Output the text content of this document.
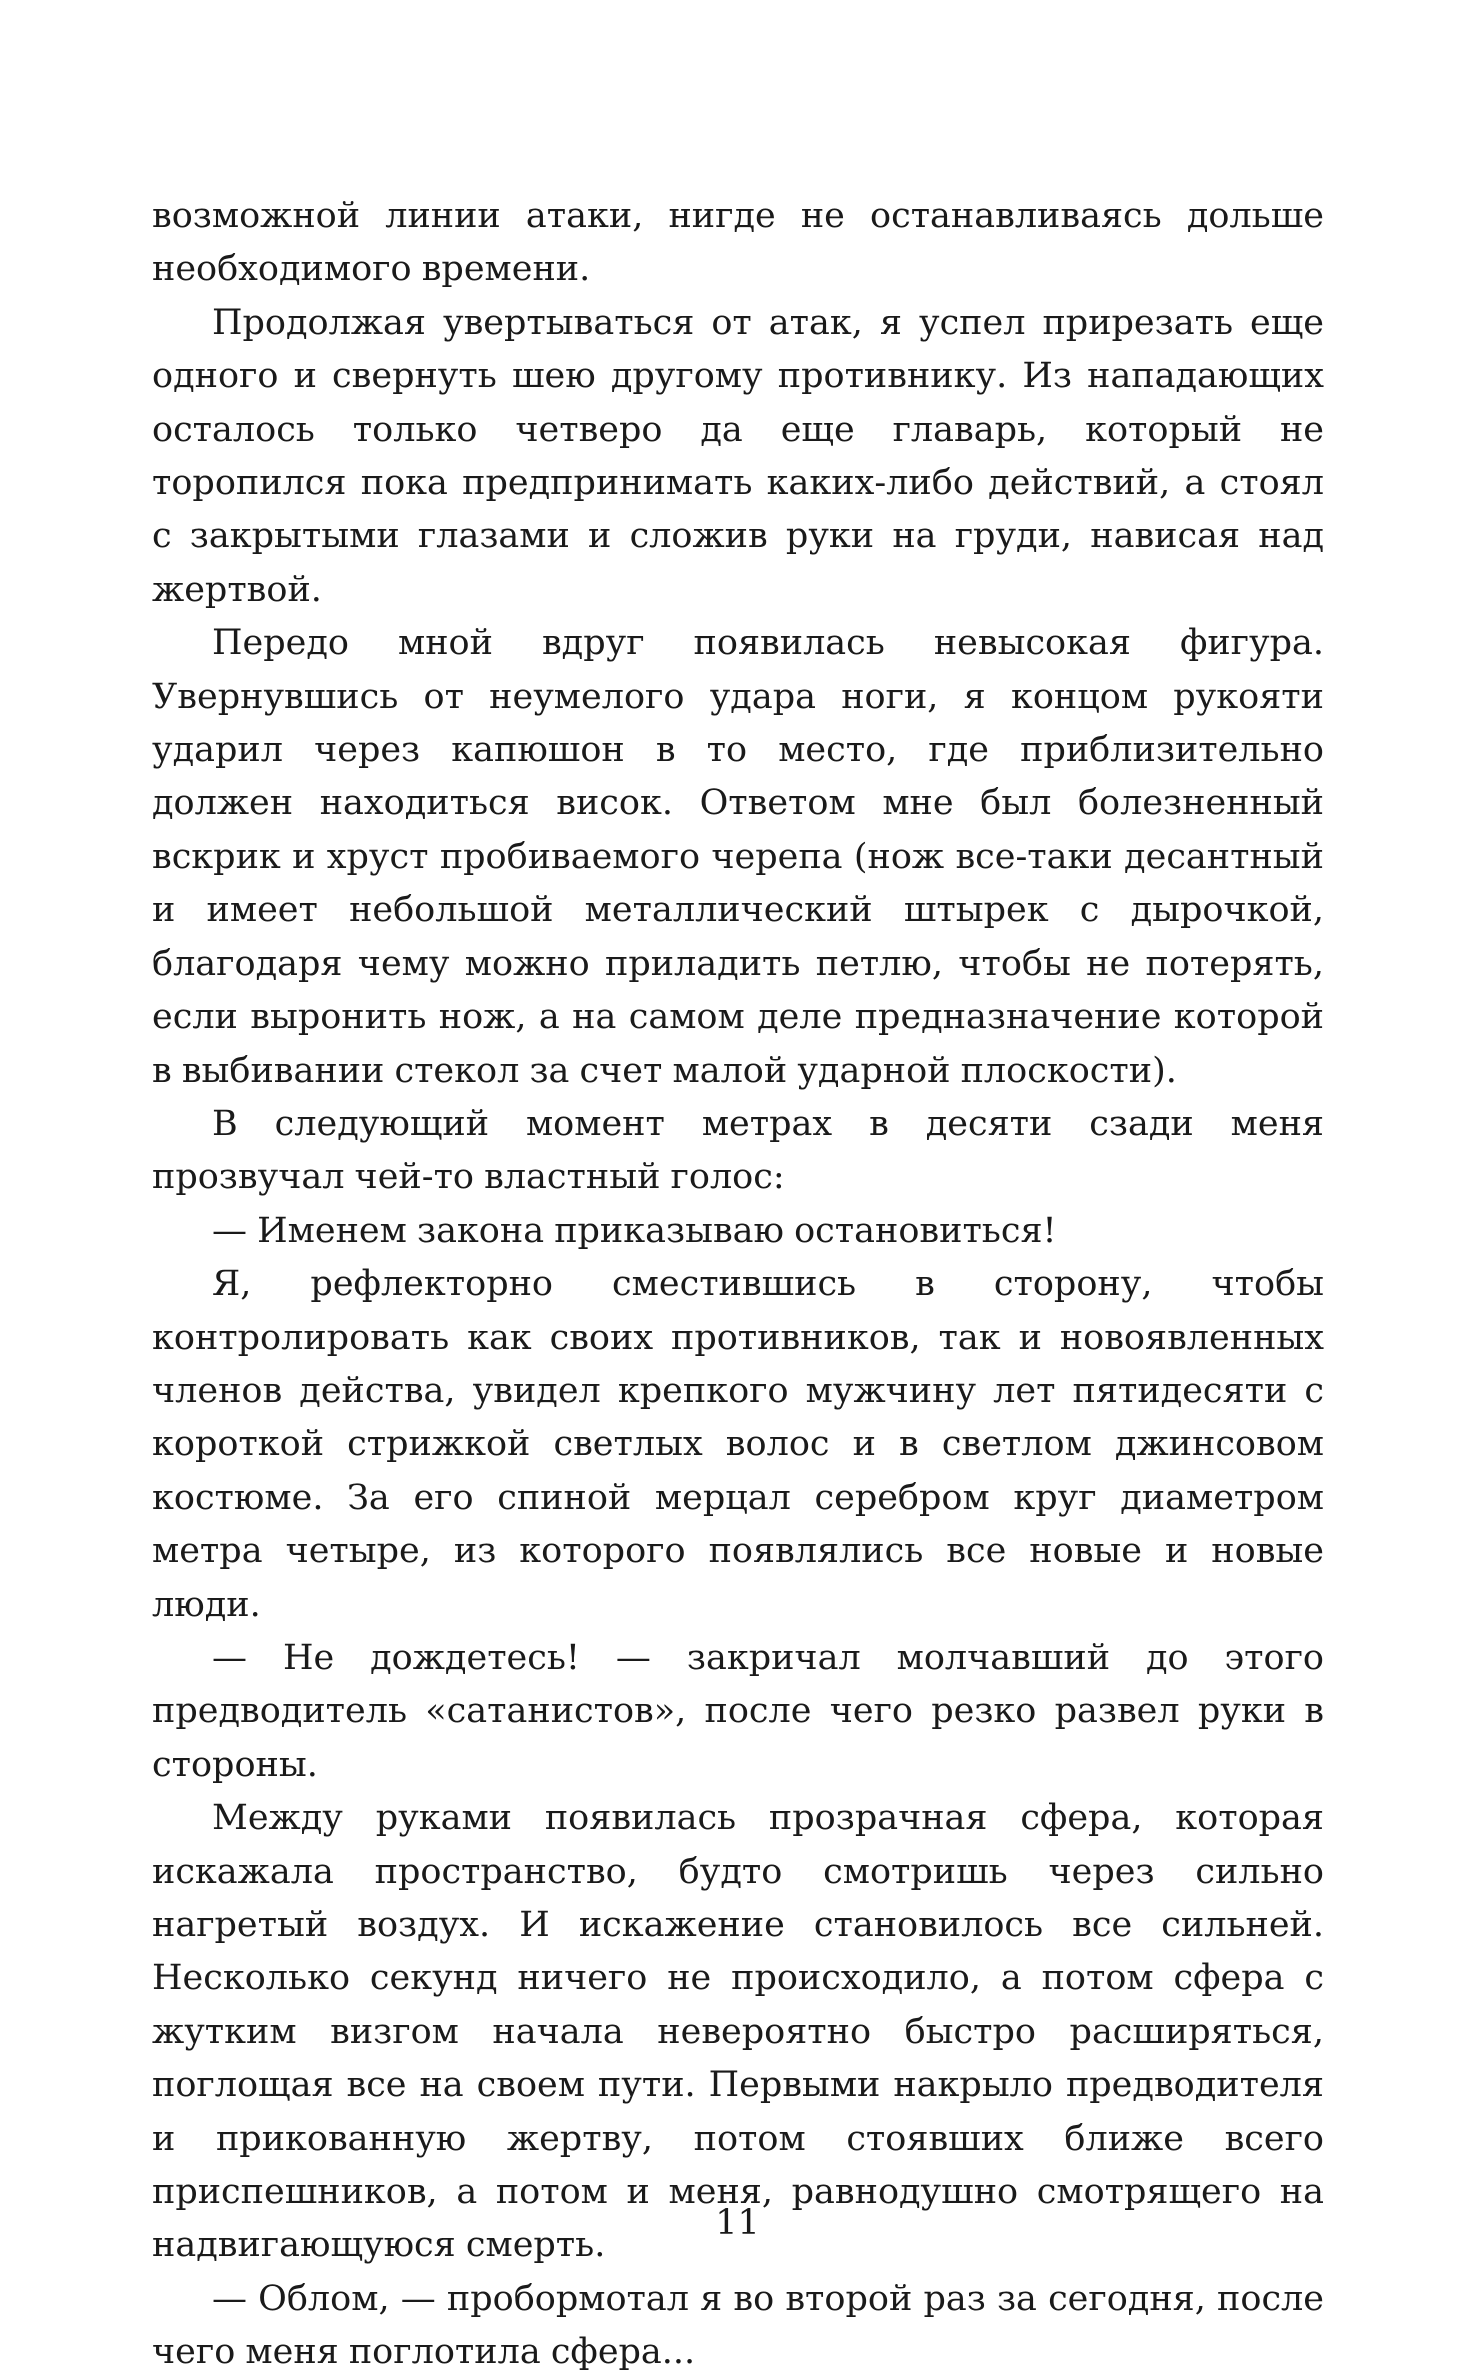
возможной линии атаки, нигде не останавливаясь дольше необходимого времени.

Продолжая увертываться от атак, я успел прирезать еще одного и свернуть шею другому противнику. Из нападающих осталось только четверо да еще главарь, который не торопился пока предпринимать каких-либо действий, а стоял с закрытыми глазами и сложив руки на груди, нависая над жертвой.

Передо мной вдруг появилась невысокая фигура. Увернувшись от неумелого удара ноги, я концом рукояти ударил через капюшон в то место, где приблизительно должен находиться висок. Ответом мне был болезненный вскрик и хруст пробиваемого черепа (нож все-таки десантный и имеет небольшой металлический штырек с дырочкой, благодаря чему можно приладить петлю, чтобы не потерять, если выронить нож, а на самом деле предназначение которой в выбивании стекол за счет малой ударной плоскости).

В следующий момент метрах в десяти сзади меня прозвучал чей-то властный голос:

— Именем закона приказываю остановиться!

Я, рефлекторно сместившись в сторону, чтобы контролировать как своих противников, так и новоявленных членов действа, увидел крепкого мужчину лет пятидесяти с короткой стрижкой светлых волос и в светлом джинсовом костюме. За его спиной мерцал серебром круг диаметром метра четыре, из которого появлялись все новые и новые люди.

— Не дождетесь! — закричал молчавший до этого предводитель «сатанистов», после чего резко развел руки в стороны.

Между руками появилась прозрачная сфера, которая искажала пространство, будто смотришь через сильно нагретый воздух. И искажение становилось все сильней. Несколько секунд ничего не происходило, а потом сфера с жутким визгом начала невероятно быстро расширяться, поглощая все на своем пути. Первыми накрыло предводителя и прикованную жертву, потом стоявших ближе всего приспешников, а потом и меня, равнодушно смотрящего на надвигающуюся смерть.

— Облом, — пробормотал я во второй раз за сегодня, после чего меня поглотила сфера...

11
